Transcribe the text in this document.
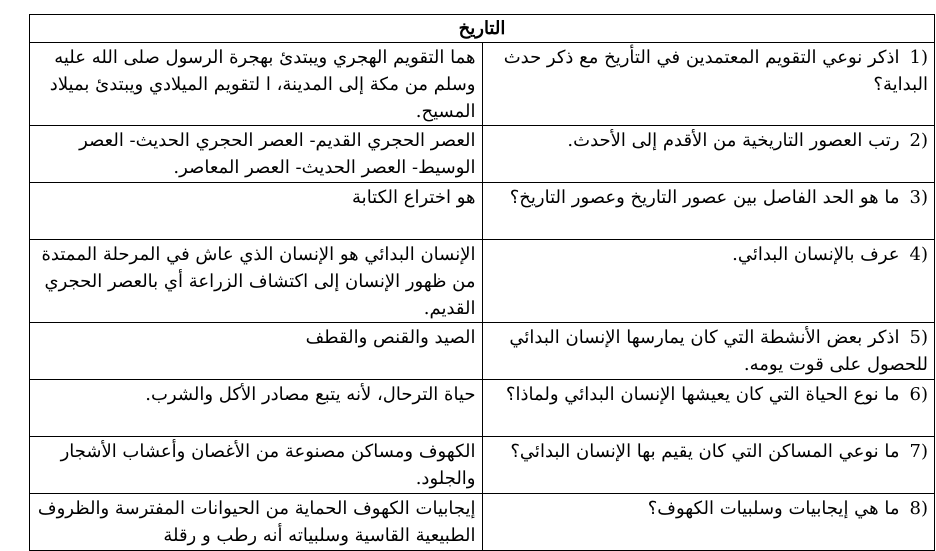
التاريخ	
1)اذكر نوعي التقويم المعتمدين في التأريخ مع ذكر حدث البداية؟	هما التقويم الهجري ويبتدئ بهجرة الرسول صلى الله عليه وسلم من مكة إلى المدينة، ا لتقويم الميلادي ويبتدئ بميلاد المسيح.
2)رتب العصور التاريخية من الأقدم إلى الأحدث.	العصر الحجري القديم- العصر الحجري الحديث- العصر الوسيط- العصر الحديث- العصر المعاصر.
3)ما هو الحد الفاصل بين عصور التاريخ وعصور التاريخ؟	هو اختراع الكتابة
4)عرف بالإنسان البدائي.	الإنسان البدائي هو الإنسان الذي عاش في المرحلة الممتدة من ظهور الإنسان إلى اكتشاف الزراعة أي بالعصر الحجري القديم.
5)اذكر بعض الأنشطة التي كان يمارسها الإنسان البدائي للحصول على قوت يومه.	الصيد والقنص والقطف
6)ما نوع الحياة التي كان يعيشها الإنسان البدائي ولماذا؟	حياة الترحال، لأنه يتبع مصادر الأكل والشرب.
7)ما نوعي المساكن التي كان يقيم بها الإنسان البدائي؟	الكهوف ومساكن مصنوعة من الأغصان وأعشاب الأشجار والجلود.
8)ما هي إيجابيات وسلبيات الكهوف؟	إيجابيات الكهوف الحماية من الحيوانات المفترسة والظروف الطبيعية القاسية وسلبياته أنه رطب و رقلة
